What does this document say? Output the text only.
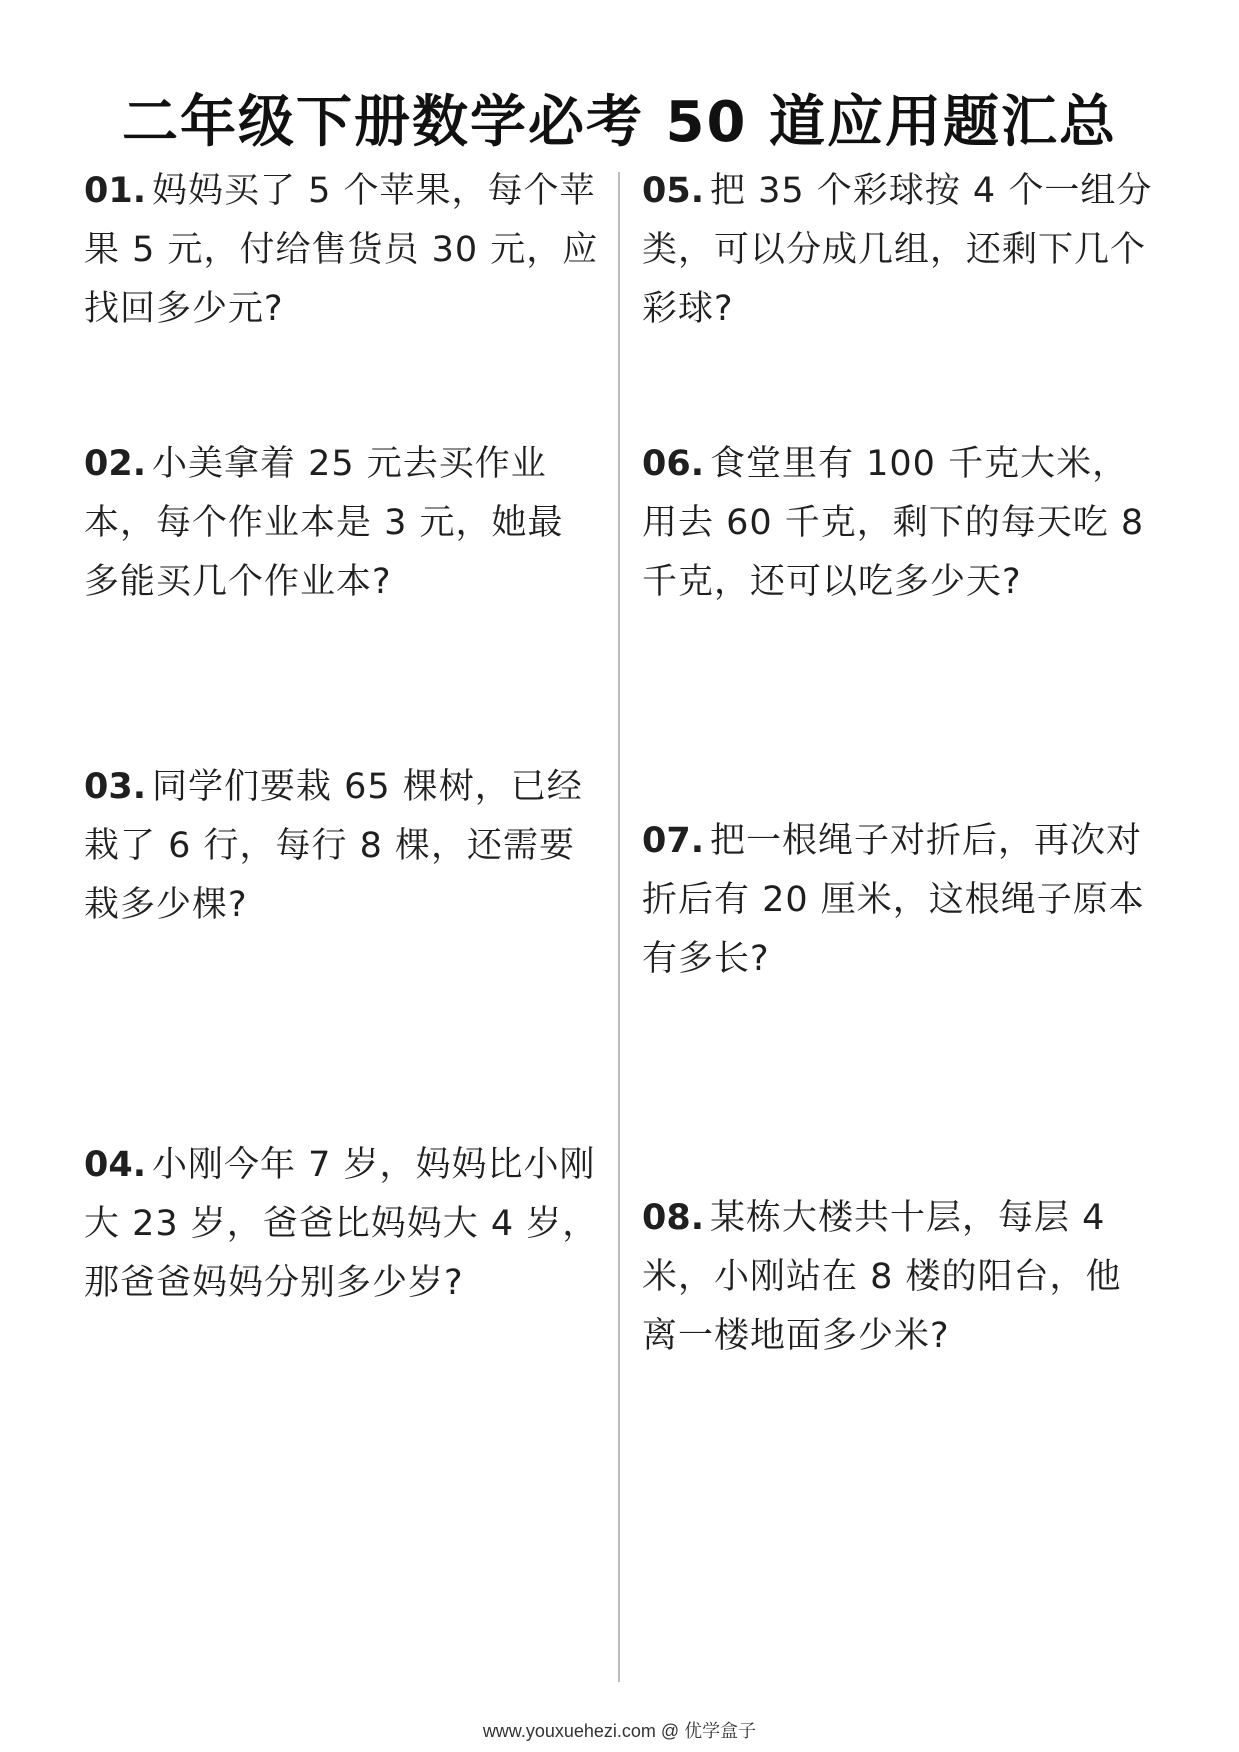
二年级下册数学必考 50 道应用题汇总
01. 妈妈买了 5 个苹果，每个苹果 5 元，付给售货员 30 元，应找回多少元?
02. 小美拿着 25 元去买作业本，每个作业本是 3 元，她最多能买几个作业本?
03. 同学们要栽 65 棵树，已经栽了 6 行，每行 8 棵，还需要栽多少棵?
04. 小刚今年 7 岁，妈妈比小刚大 23 岁，爸爸比妈妈大 4 岁，那爸爸妈妈分别多少岁?
05. 把 35 个彩球按 4 个一组分类，可以分成几组，还剩下几个彩球?
06. 食堂里有 100 千克大米，用去 60 千克，剩下的每天吃 8 千克，还可以吃多少天?
07. 把一根绳子对折后，再次对折后有 20 厘米，这根绳子原本有多长?
08. 某栋大楼共十层，每层 4 米，小刚站在 8 楼的阳台，他离一楼地面多少米?
www.youxuehezi.com @ 优学盒子
